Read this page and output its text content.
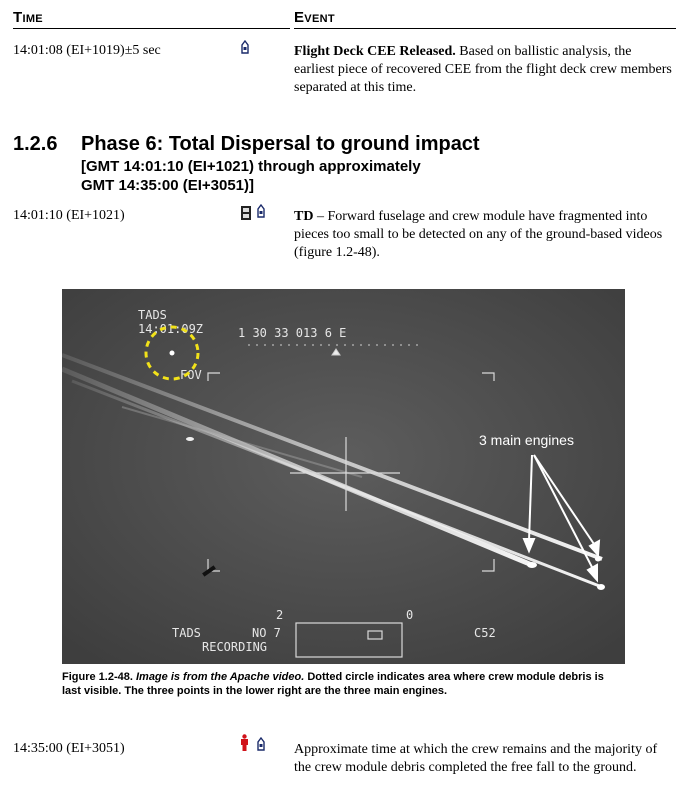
Time	Event
14:01:08 (EI+1019)±5 sec	Flight Deck CEE Released. Based on ballistic analysis, the earliest piece of recovered CEE from the flight deck crew members separated at this time.
1.2.6 Phase 6: Total Dispersal to ground impact
[GMT 14:01:10 (EI+1021) through approximately
GMT 14:35:00 (EI+3051)]
14:01:10 (EI+1021)	TD – Forward fuselage and crew module have fragmented into pieces too small to be detected on any of the ground-based videos (figure 1.2-48).
TADS
14:01:09Z	1 30 33 013 6 E
FOV
2	0
TADS	NO 7
RECORDING
C52
3 main engines
Figure 1.2-48. Image is from the Apache video. Dotted circle indicates area where crew module debris is last visible. The three points in the lower right are the three main engines.
14:35:00 (EI+3051)	Approximate time at which the crew remains and the majority of the crew module debris completed the free fall to the ground.
